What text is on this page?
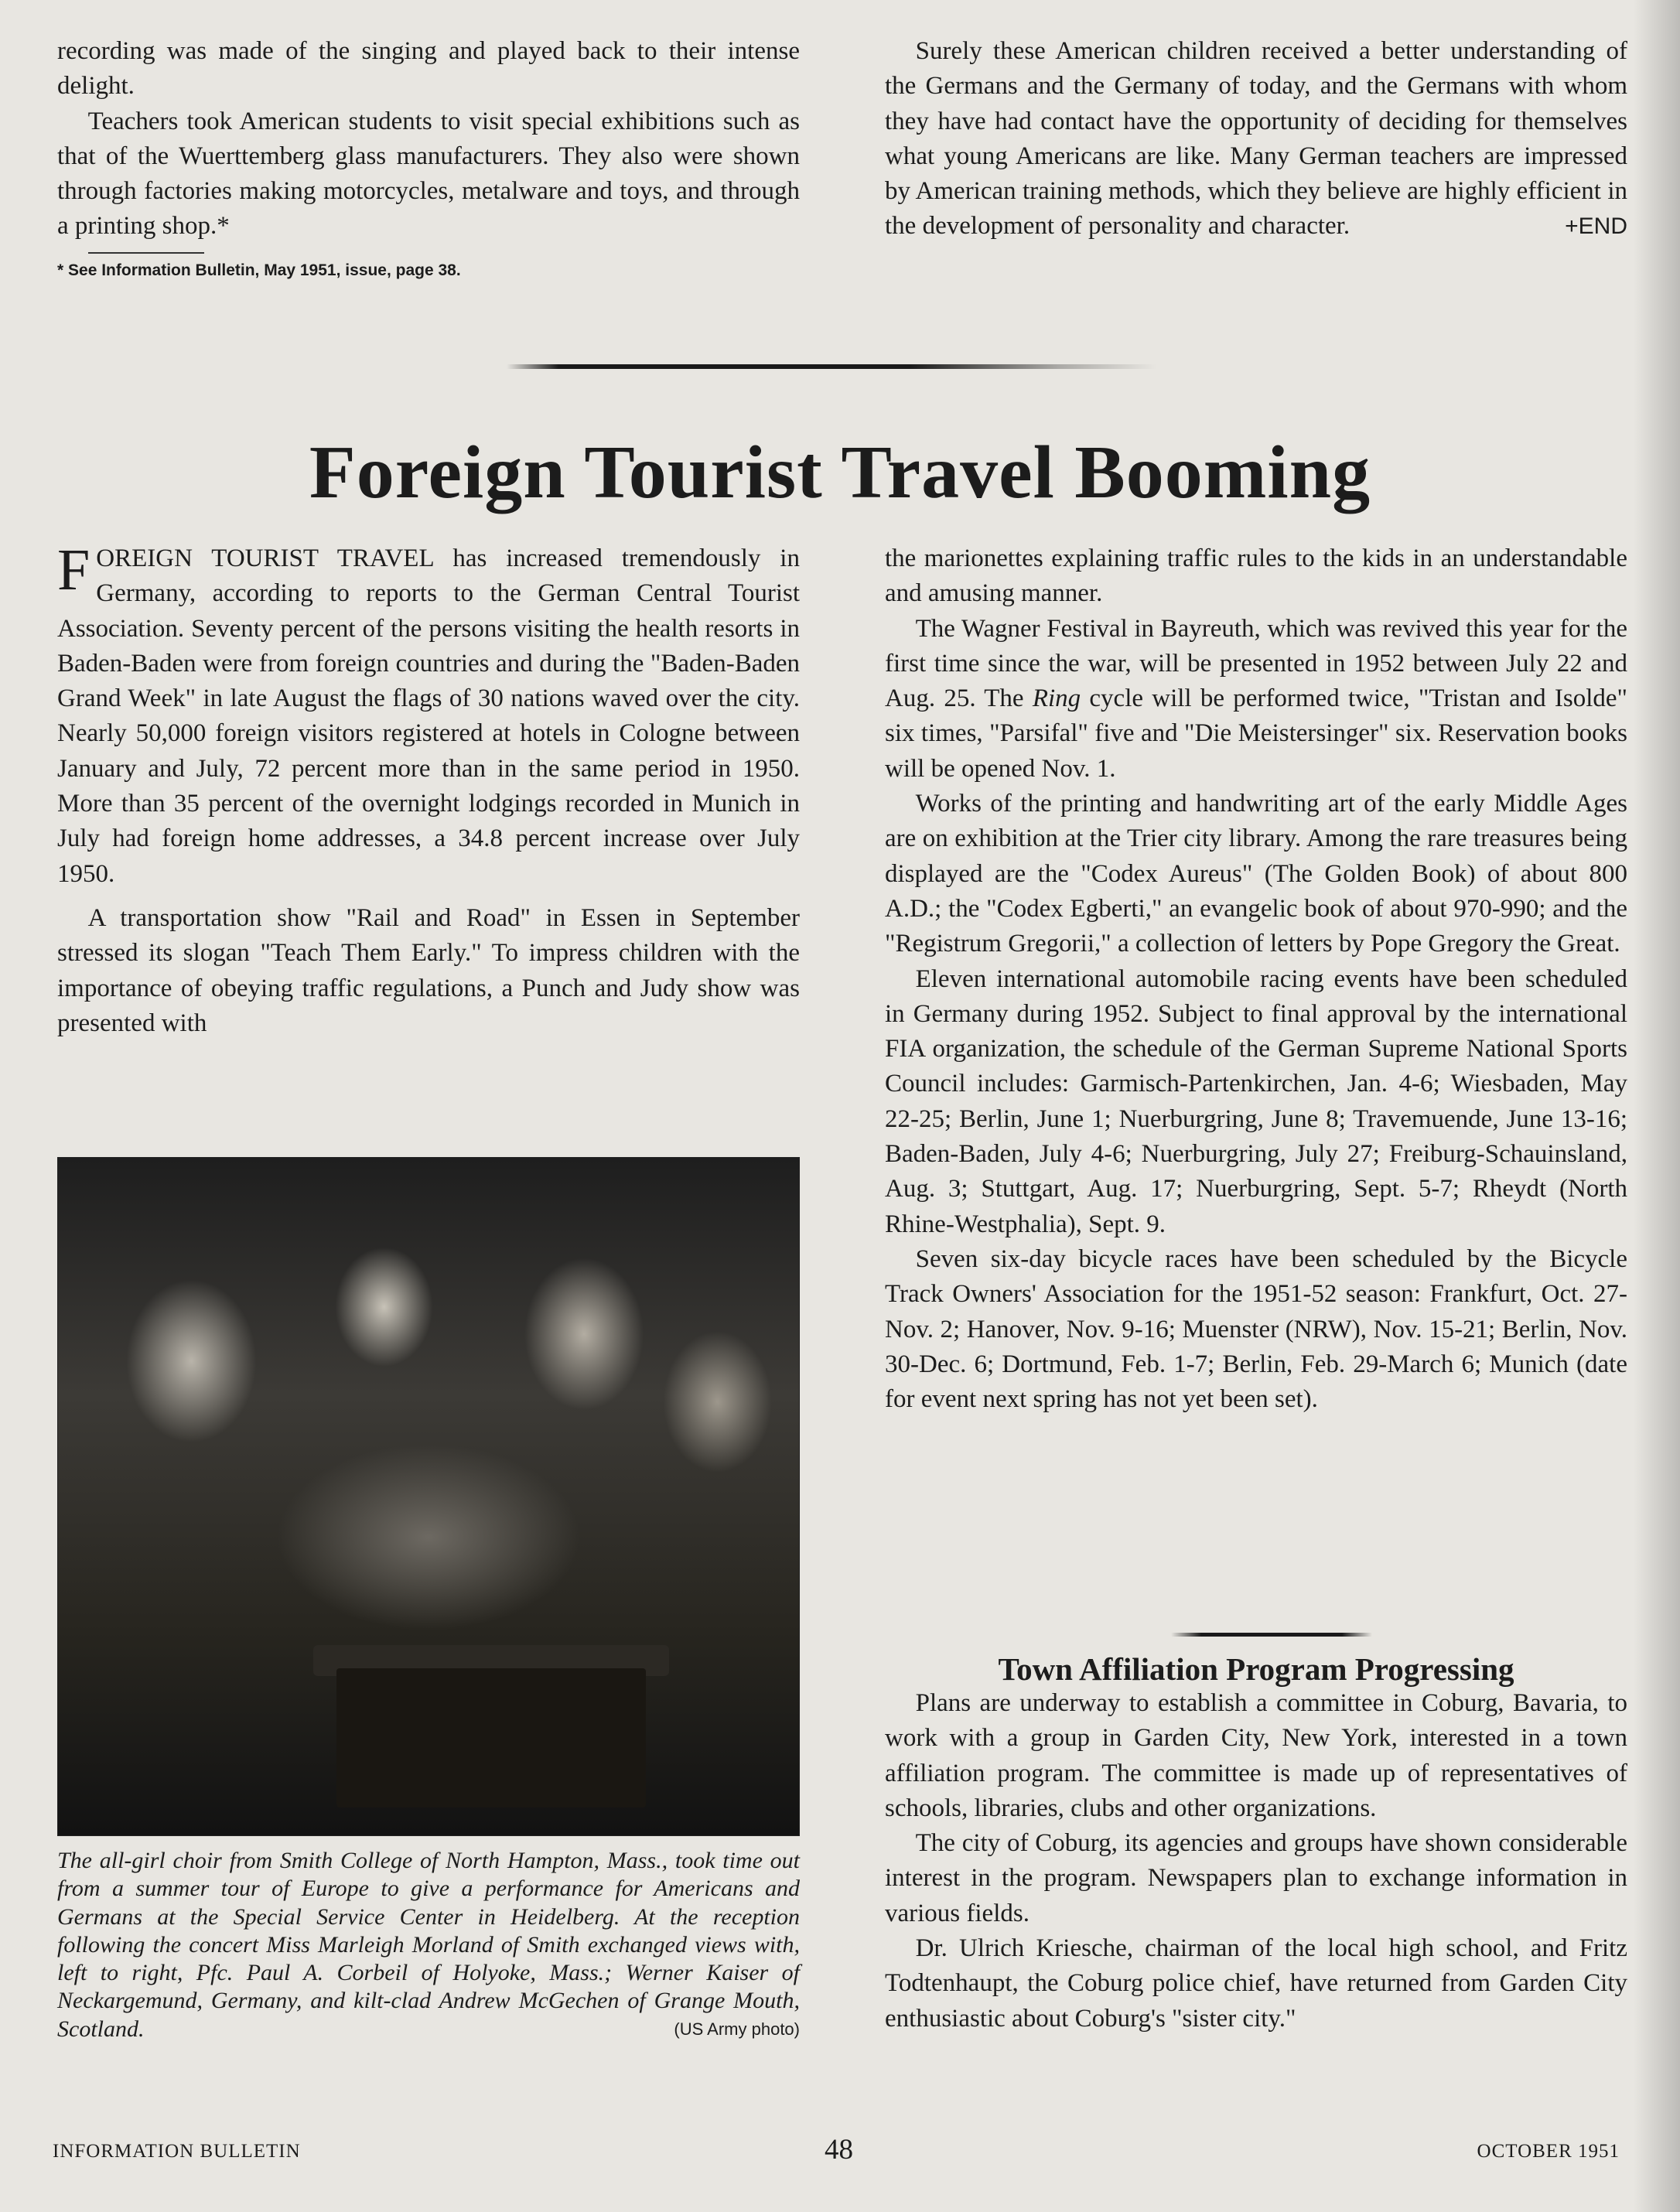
recording was made of the singing and played back to their intense delight.

Teachers took American students to visit special exhibitions such as that of the Wuerttemberg glass manufacturers. They also were shown through factories making motorcycles, metalware and toys, and through a printing shop.*

* See Information Bulletin, May 1951, issue, page 38.

Surely these American children received a better understanding of the Germans and the Germany of today, and the Germans with whom they have had contact have the opportunity of deciding for themselves what young Americans are like. Many German teachers are impressed by American training methods, which they believe are highly efficient in the development of personality and character.	+END

Foreign Tourist Travel Booming

FOREIGN TOURIST TRAVEL has increased tremendously in Germany, according to reports to the German Central Tourist Association. Seventy percent of the persons visiting the health resorts in Baden-Baden were from foreign countries and during the "Baden-Baden Grand Week" in late August the flags of 30 nations waved over the city. Nearly 50,000 foreign visitors registered at hotels in Cologne between January and July, 72 percent more than in the same period in 1950. More than 35 percent of the overnight lodgings recorded in Munich in July had foreign home addresses, a 34.8 percent increase over July 1950.

A transportation show "Rail and Road" in Essen in September stressed its slogan "Teach Them Early." To impress children with the importance of obeying traffic regulations, a Punch and Judy show was presented with

The all-girl choir from Smith College of North Hampton, Mass., took time out from a summer tour of Europe to give a performance for Americans and Germans at the Special Service Center in Heidelberg. At the reception following the concert Miss Marleigh Morland of Smith exchanged views with, left to right, Pfc. Paul A. Corbeil of Holyoke, Mass.; Werner Kaiser of Neckargemund, Germany, and kilt-clad Andrew McGechen of Grange Mouth, Scotland.	(US Army photo)

the marionettes explaining traffic rules to the kids in an understandable and amusing manner.

The Wagner Festival in Bayreuth, which was revived this year for the first time since the war, will be presented in 1952 between July 22 and Aug. 25. The Ring cycle will be performed twice, "Tristan and Isolde" six times, "Parsifal" five and "Die Meistersinger" six. Reservation books will be opened Nov. 1.

Works of the printing and handwriting art of the early Middle Ages are on exhibition at the Trier city library. Among the rare treasures being displayed are the "Codex Aureus" (The Golden Book) of about 800 A.D.; the "Codex Egberti," an evangelic book of about 970-990; and the "Registrum Gregorii," a collection of letters by Pope Gregory the Great.

Eleven international automobile racing events have been scheduled in Germany during 1952. Subject to final approval by the international FIA organization, the schedule of the German Supreme National Sports Council includes: Garmisch-Partenkirchen, Jan. 4-6; Wiesbaden, May 22-25; Berlin, June 1; Nuerburgring, June 8; Travemuende, June 13-16; Baden-Baden, July 4-6; Nuerburgring, July 27; Freiburg-Schauinsland, Aug. 3; Stuttgart, Aug. 17; Nuerburgring, Sept. 5-7; Rheydt (North Rhine-Westphalia), Sept. 9.

Seven six-day bicycle races have been scheduled by the Bicycle Track Owners' Association for the 1951-52 season: Frankfurt, Oct. 27-Nov. 2; Hanover, Nov. 9-16; Muenster (NRW), Nov. 15-21; Berlin, Nov. 30-Dec. 6; Dortmund, Feb. 1-7; Berlin, Feb. 29-March 6; Munich (date for event next spring has not yet been set).

Town Affiliation Program Progressing

Plans are underway to establish a committee in Coburg, Bavaria, to work with a group in Garden City, New York, interested in a town affiliation program. The committee is made up of representatives of schools, libraries, clubs and other organizations.

The city of Coburg, its agencies and groups have shown considerable interest in the program. Newspapers plan to exchange information in various fields.

Dr. Ulrich Kriesche, chairman of the local high school, and Fritz Todtenhaupt, the Coburg police chief, have returned from Garden City enthusiastic about Coburg's "sister city."

INFORMATION BULLETIN	48	OCTOBER 1951
